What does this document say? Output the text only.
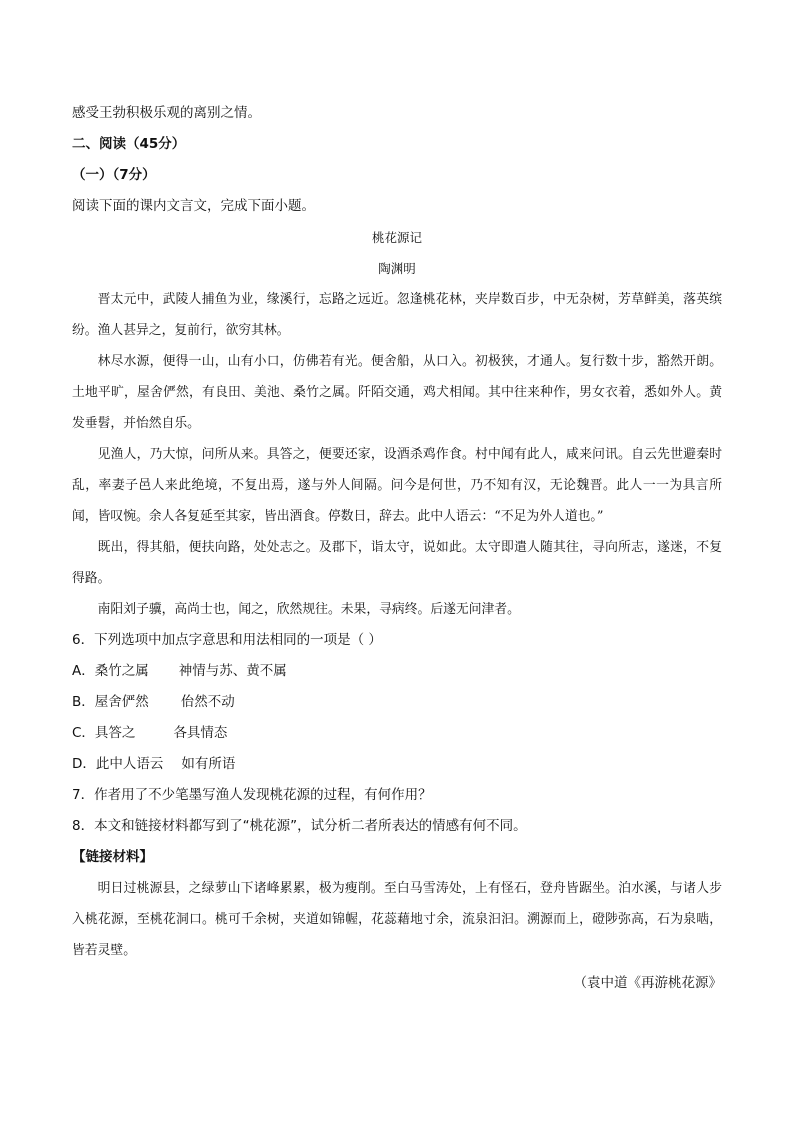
感受王勃积极乐观的离别之情。
二、阅读（45分）
（一）（7分）
阅读下面的课内文言文，完成下面小题。
桃花源记
陶渊明

晋太元中，武陵人捕鱼为业，缘溪行，忘路之远近。忽逢桃花林，夹岸数百步，中无杂树，芳草鲜美，落英缤纷。渔人甚异之，复前行，欲穷其林。

林尽水源，便得一山，山有小口，仿佛若有光。便舍船，从口入。初极狭，才通人。复行数十步，豁然开朗。土地平旷，屋舍俨然，有良田、美池、桑竹之属。阡陌交通，鸡犬相闻。其中往来种作，男女衣着，悉如外人。黄发垂髫，并怡然自乐。

见渔人，乃大惊，问所从来。具答之，便要还家，设酒杀鸡作食。村中闻有此人，咸来问讯。自云先世避秦时乱，率妻子邑人来此绝境，不复出焉，遂与外人间隔。问今是何世，乃不知有汉，无论魏晋。此人一一为具言所闻，皆叹惋。余人各复延至其家，皆出酒食。停数日，辞去。此中人语云：“不足为外人道也。”

既出，得其船，便扶向路，处处志之。及郡下，诣太守，说如此。太守即遣人随其往，寻向所志，遂迷，不复得路。

南阳刘子骥，高尚士也，闻之，欣然规往。未果，寻病终。后遂无问津者。

6．下列选项中加点字意思和用法相同的一项是（ ）
A．桑竹之属 神情与苏、黄不属
B．屋舍俨然 佁然不动
C．具答之	各具情态
D．此中人语云 如有所语
7．作者用了不少笔墨写渔人发现桃花源的过程，有何作用？
8．本文和链接材料都写到了“桃花源”，试分析二者所表达的情感有何不同。
【链接材料】

明日过桃源县，之绿萝山下诸峰累累，极为瘦削。至白马雪涛处，上有怪石，登舟皆踞坐。泊水溪，与诸人步入桃花源，至桃花洞口。桃可千余树，夹道如锦幄，花蕊藉地寸余，流泉汩汩。溯源而上，磴陟弥高，石为泉啮，皆若灵壁。

（袁中道《再游桃花源》
